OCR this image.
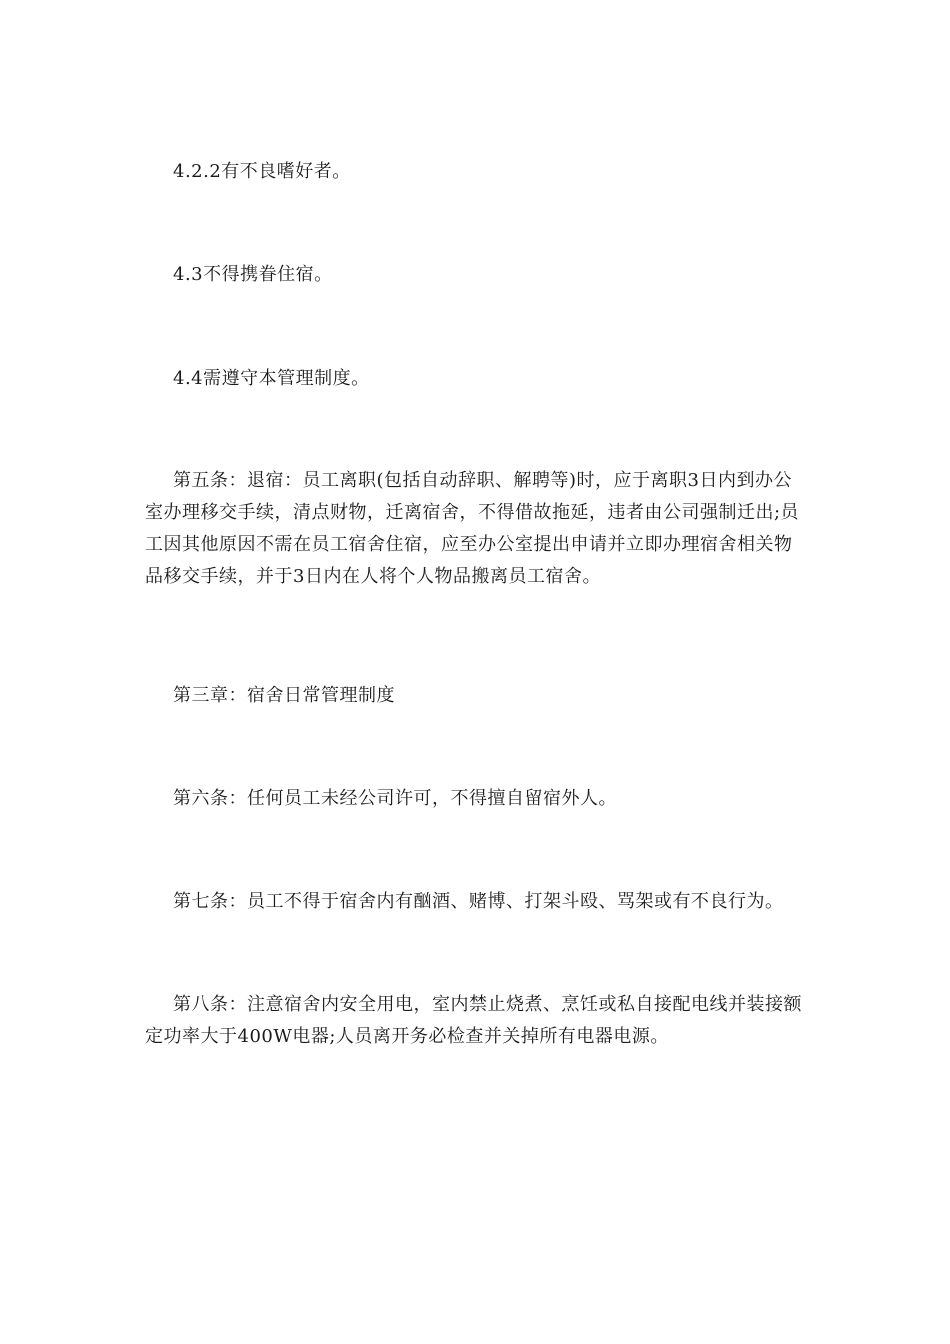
4.2.2有不良嗜好者。

4.3不得携眷住宿。

4.4需遵守本管理制度。

第五条：退宿：员工离职(包括自动辞职、解聘等)时，应于离职3日内到办公室办理移交手续，清点财物，迁离宿舍，不得借故拖延，违者由公司强制迁出;员工因其他原因不需在员工宿舍住宿，应至办公室提出申请并立即办理宿舍相关物品移交手续，并于3日内在人将个人物品搬离员工宿舍。

第三章：宿舍日常管理制度

第六条：任何员工未经公司许可，不得擅自留宿外人。

第七条：员工不得于宿舍内有酗酒、赌博、打架斗殴、骂架或有不良行为。

第八条：注意宿舍内安全用电，室内禁止烧煮、烹饪或私自接配电线并装接额定功率大于400W电器;人员离开务必检查并关掉所有电器电源。
